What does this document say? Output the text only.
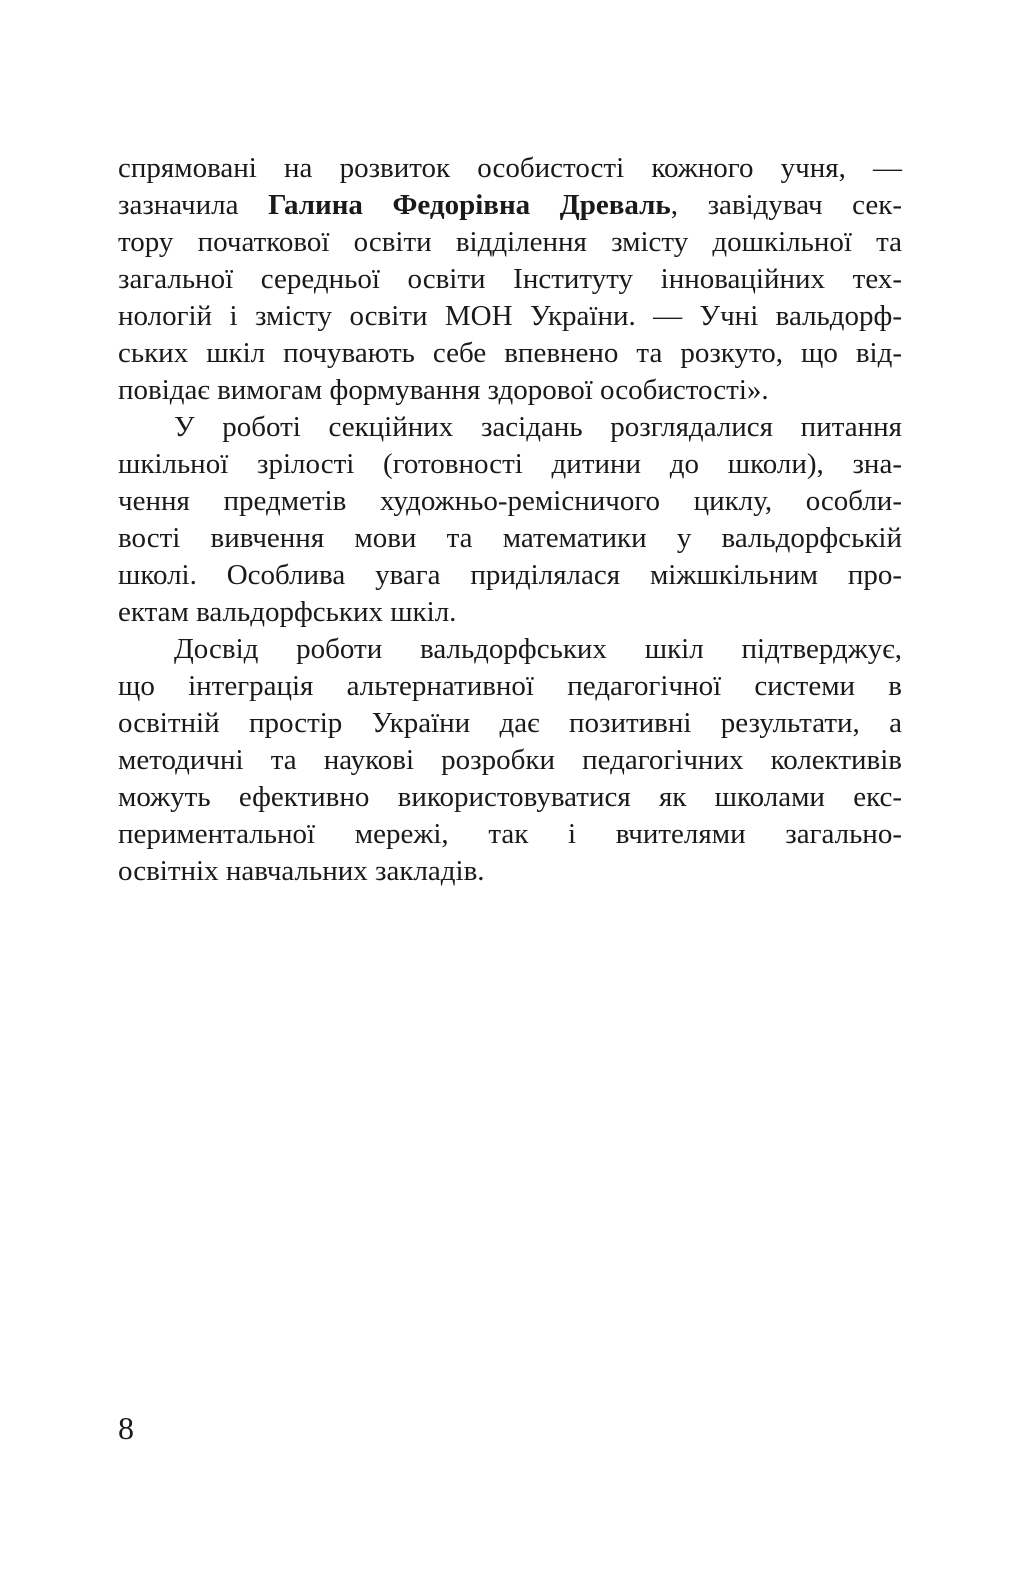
спрямовані на розвиток особистості кожного учня, —
зазначила Галина Федорівна Древаль, завідувач сек-
тору початкової освіти відділення змісту дошкільної та
загальної середньої освіти Інституту інноваційних тех-
нологій і змісту освіти МОН України. — Учні вальдорф-
ських шкіл почувають себе впевнено та розкуто, що від-
повідає вимогам формування здорової особистості».
У роботі секційних засідань розглядалися питання
шкільної зрілості (готовності дитини до школи), зна-
чення предметів художньо-ремісничого циклу, особли-
вості вивчення мови та математики у вальдорфській
школі. Особлива увага приділялася міжшкільним про-
ектам вальдорфських шкіл.
Досвід роботи вальдорфських шкіл підтверджує,
що інтеграція альтернативної педагогічної системи в
освітній простір України дає позитивні результати, а
методичні та наукові розробки педагогічних колективів
можуть ефективно використовуватися як школами екс-
периментальної мережі, так і вчителями загально-
освітніх навчальних закладів.
8
